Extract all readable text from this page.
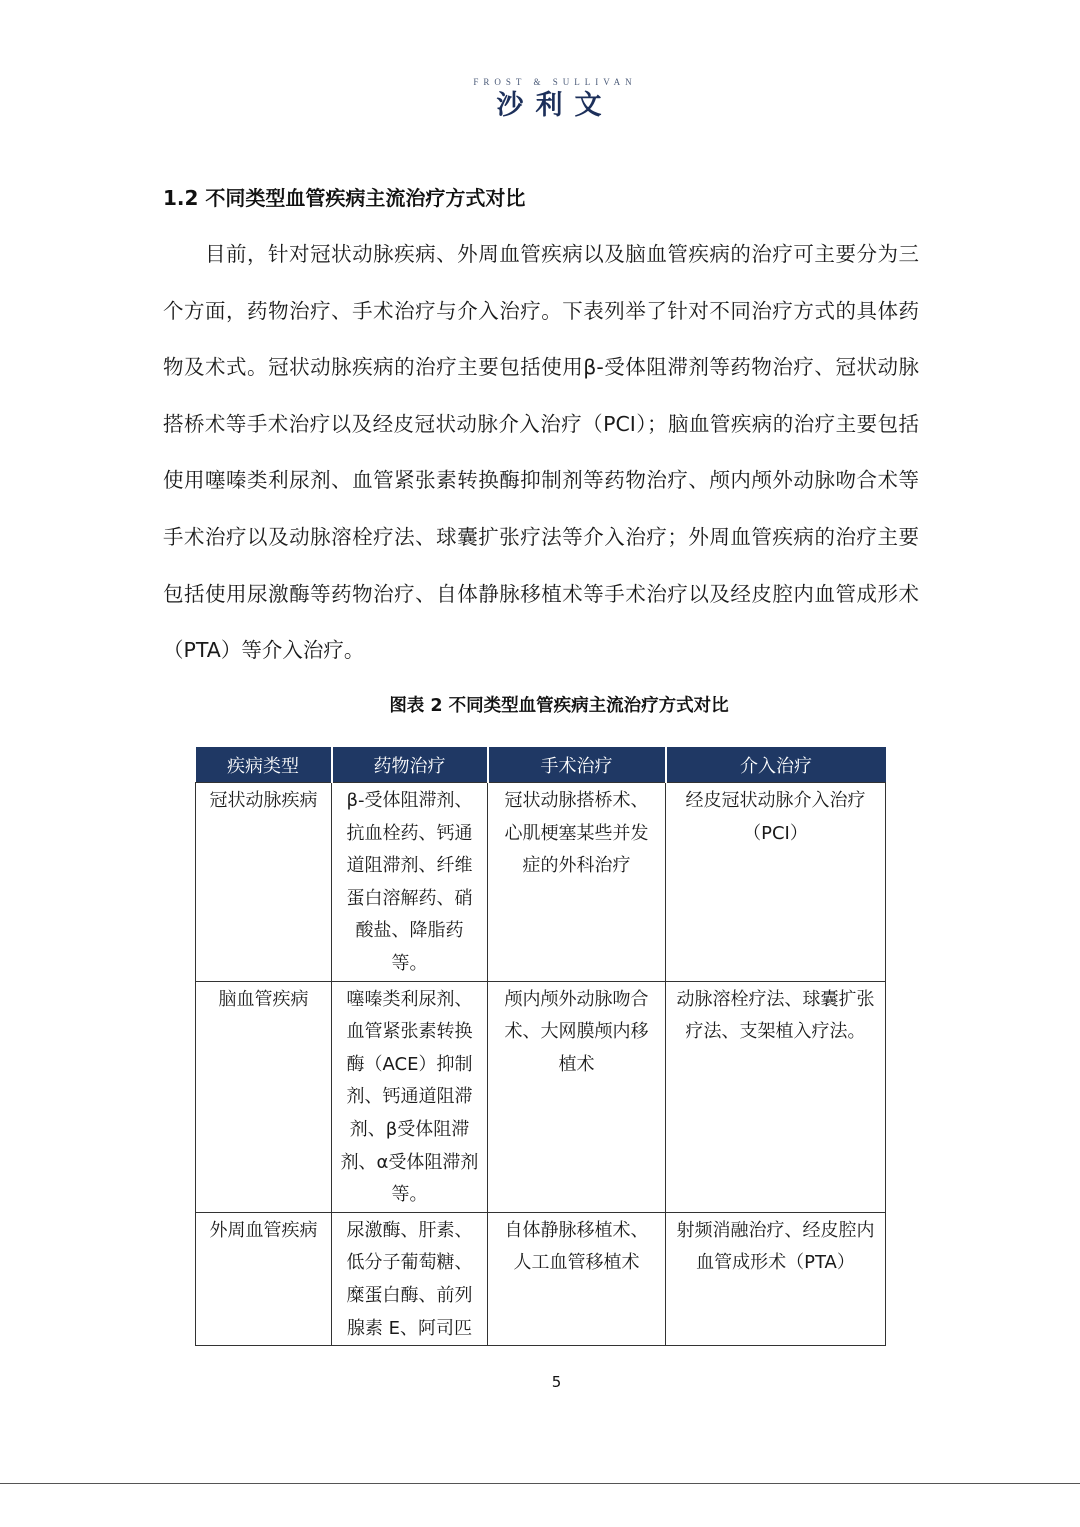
FROST & SULLIVAN
沙利文
1.2 不同类型血管疾病主流治疗方式对比

目前，针对冠状动脉疾病、外周血管疾病以及脑血管疾病的治疗可主要分为三个方面，药物治疗、手术治疗与介入治疗。下表列举了针对不同治疗方式的具体药物及术式。冠状动脉疾病的治疗主要包括使用β-受体阻滞剂等药物治疗、冠状动脉搭桥术等手术治疗以及经皮冠状动脉介入治疗（PCI）；脑血管疾病的治疗主要包括使用噻嗪类利尿剂、血管紧张素转换酶抑制剂等药物治疗、颅内颅外动脉吻合术等手术治疗以及动脉溶栓疗法、球囊扩张疗法等介入治疗；外周血管疾病的治疗主要包括使用尿激酶等药物治疗、自体静脉移植术等手术治疗以及经皮腔内血管成形术（PTA）等介入治疗。

图表 2 不同类型血管疾病主流治疗方式对比
疾病类型	药物治疗	手术治疗	介入治疗
冠状动脉疾病	β-受体阻滞剂、抗血栓药、钙通道阻滞剂、纤维蛋白溶解药、硝酸盐、降脂药等。	冠状动脉搭桥术、心肌梗塞某些并发症的外科治疗	经皮冠状动脉介入治疗（PCI）
脑血管疾病	噻嗪类利尿剂、血管紧张素转换酶（ACE）抑制剂、钙通道阻滞剂、β受体阻滞剂、α受体阻滞剂等。	颅内颅外动脉吻合术、大网膜颅内移植术	动脉溶栓疗法、球囊扩张疗法、支架植入疗法。
外周血管疾病	尿激酶、肝素、低分子葡萄糖、糜蛋白酶、前列腺素 E、阿司匹	自体静脉移植术、人工血管移植术	射频消融治疗、经皮腔内血管成形术（PTA）
5
